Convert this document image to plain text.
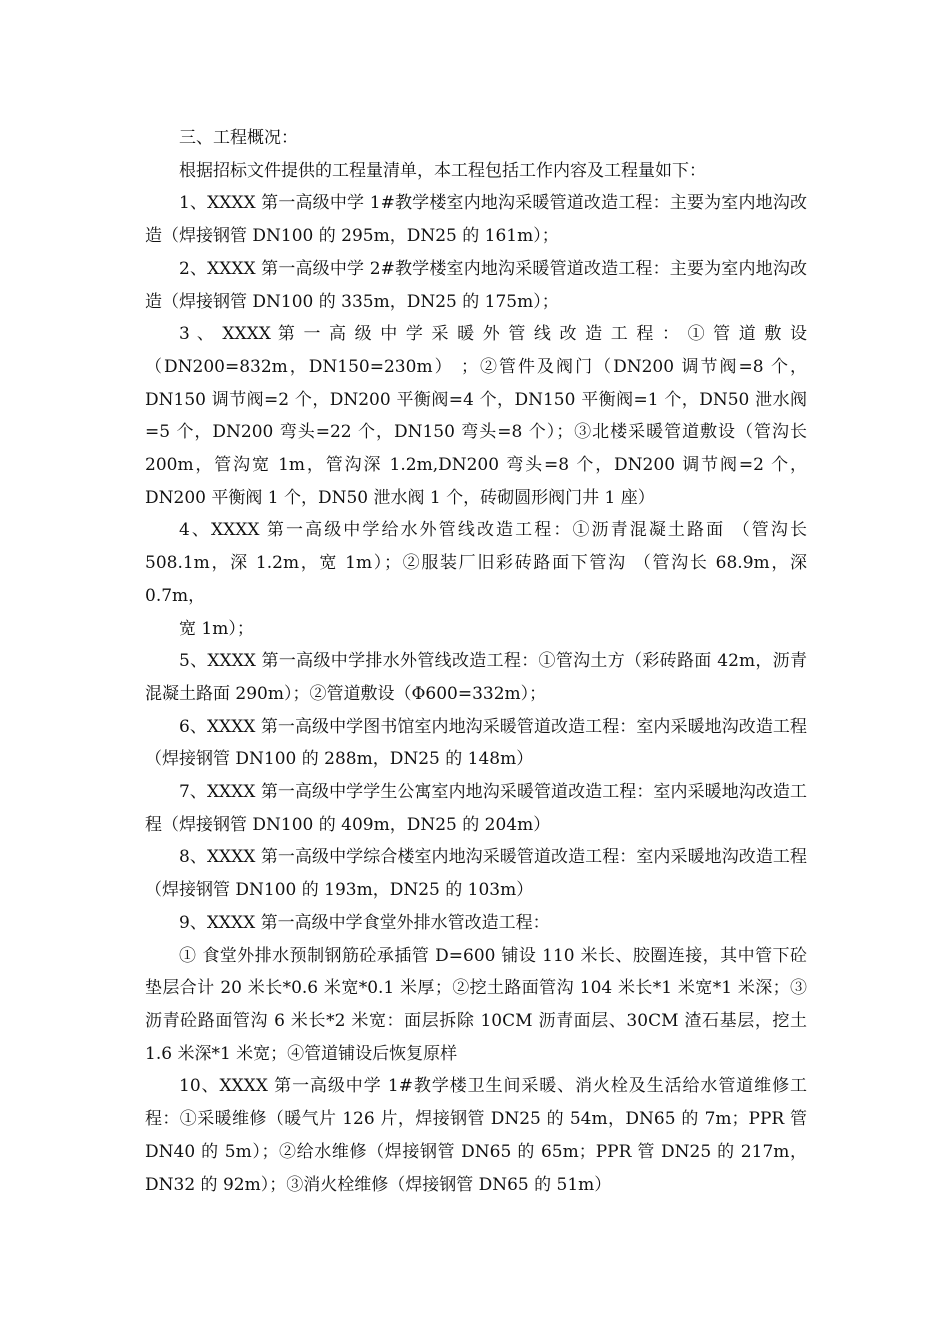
三、工程概况：

根据招标文件提供的工程量清单，本工程包括工作内容及工程量如下：

1、XXXX 第一高级中学 1#教学楼室内地沟采暖管道改造工程：主要为室内地沟改造（焊接钢管 DN100 的 295m，DN25 的 161m）；

2、XXXX 第一高级中学 2#教学楼室内地沟采暖管道改造工程：主要为室内地沟改造（焊接钢管 DN100 的 335m，DN25 的 175m）；

3 、 XXXX 第 一 高 级 中 学 采 暖 外 管 线 改 造 工 程 ： ① 管 道 敷 设 （DN200=832m，DN150=230m） ；②管件及阀门（DN200 调节阀=8 个，DN150 调节阀=2 个，DN200 平衡阀=4 个，DN150 平衡阀=1 个，DN50 泄水阀=5 个，DN200 弯头=22 个，DN150 弯头=8 个）；③北楼采暖管道敷设（管沟长 200m，管沟宽 1m，管沟深 1.2m,DN200 弯头=8 个，DN200 调节阀=2 个，DN200 平衡阀 1 个，DN50 泄水阀 1 个，砖砌圆形阀门井 1 座）

4、XXXX 第一高级中学给水外管线改造工程：①沥青混凝土路面 （管沟长 508.1m，深 1.2m，宽 1m）；②服装厂旧彩砖路面下管沟 （管沟长 68.9m，深 0.7m，

宽 1m）；

5、XXXX 第一高级中学排水外管线改造工程：①管沟土方（彩砖路面 42m，沥青混凝土路面 290m）；②管道敷设（Φ600=332m）；

6、XXXX 第一高级中学图书馆室内地沟采暖管道改造工程：室内采暖地沟改造工程（焊接钢管 DN100 的 288m，DN25 的 148m）

7、XXXX 第一高级中学学生公寓室内地沟采暖管道改造工程：室内采暖地沟改造工程（焊接钢管 DN100 的 409m，DN25 的 204m）

8、XXXX 第一高级中学综合楼室内地沟采暖管道改造工程：室内采暖地沟改造工程（焊接钢管 DN100 的 193m，DN25 的 103m）

9、XXXX 第一高级中学食堂外排水管改造工程：

① 食堂外排水预制钢筋砼承插管 D=600 铺设 110 米长、胶圈连接，其中管下砼垫层合计 20 米长*0.6 米宽*0.1 米厚；②挖土路面管沟 104 米长*1 米宽*1 米深；③沥青砼路面管沟 6 米长*2 米宽：面层拆除 10CM 沥青面层、30CM 渣石基层，挖土 1.6 米深*1 米宽；④管道铺设后恢复原样

10、XXXX 第一高级中学 1#教学楼卫生间采暖、消火栓及生活给水管道维修工程：①采暖维修（暖气片 126 片，焊接钢管 DN25 的 54m，DN65 的 7m；PPR 管 DN40 的 5m）；②给水维修（焊接钢管 DN65 的 65m；PPR 管 DN25 的 217m，DN32 的 92m）；③消火栓维修（焊接钢管 DN65 的 51m）
